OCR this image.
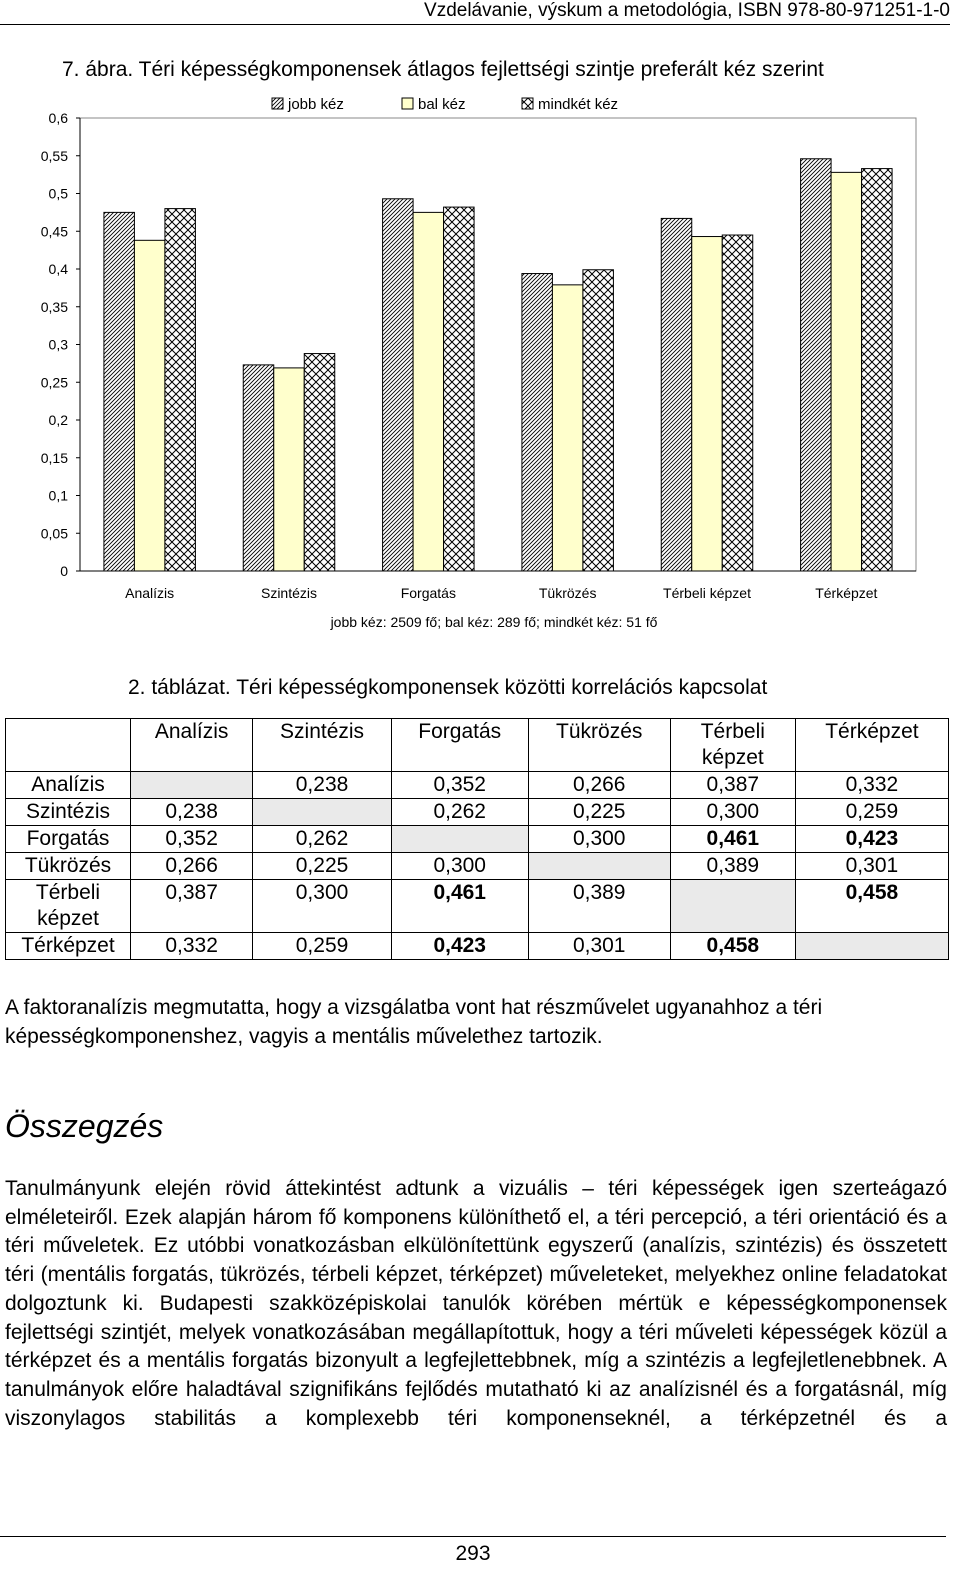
Vzdelávanie, výskum a metodológia, ISBN 978-80-971251-1-0
7. ábra. Téri képességkomponensek átlagos fejlettségi szintje preferált kéz szerint
jobb kéz	bal kéz	mindkét kéz
0
0,05
0,1
0,15
0,2
0,25
0,3
0,35
0,4
0,45
0,5
0,55
0,6
Analízis	Szintézis	Forgatás	Tükrözés	Térbeli képzet	Térképzet
jobb kéz: 2509 fő; bal kéz: 289 fő; mindkét kéz: 51 fő
2. táblázat. Téri képességkomponensek közötti korrelációs kapcsolat
	Analízis	Szintézis	Forgatás	Tükrözés	Térbeli képzet	Térképzet
Analízis		0,238	0,352	0,266	0,387	0,332
Szintézis	0,238		0,262	0,225	0,300	0,259
Forgatás	0,352	0,262		0,300	0,461	0,423
Tükrözés	0,266	0,225	0,300		0,389	0,301
Térbeli képzet	0,387	0,300	0,461	0,389		0,458
Térképzet	0,332	0,259	0,423	0,301	0,458	
A faktoranalízis megmutatta, hogy a vizsgálatba vont hat részművelet ugyanahhoz a téri képességkomponenshez, vagyis a mentális művelethez tartozik.
Összegzés
Tanulmányunk elején rövid áttekintést adtunk a vizuális – téri képességek igen szerteágazó elméleteiről. Ezek alapján három fő komponens különíthető el, a téri percepció, a téri orientáció és a téri műveletek. Ez utóbbi vonatkozásban elkülönítettünk egyszerű (analízis, szintézis) és összetett téri (mentális forgatás, tükrözés, térbeli képzet, térképzet) műveleteket, melyekhez online feladatokat dolgoztunk ki. Budapesti szakközépiskolai tanulók körében mértük e képességkomponensek fejlettségi szintjét, melyek vonatkozásában megállapítottuk, hogy a téri műveleti képességek közül a térképzet és a mentális forgatás bizonyult a legfejlettebbnek, míg a szintézis a legfejletlenebbnek. A tanulmányok előre haladtával szignifikáns fejlődés mutatható ki az analízisnél és a forgatásnál, míg viszonylagos stabilitás a komplexebb téri komponenseknél, a térképzetnél és a
293
